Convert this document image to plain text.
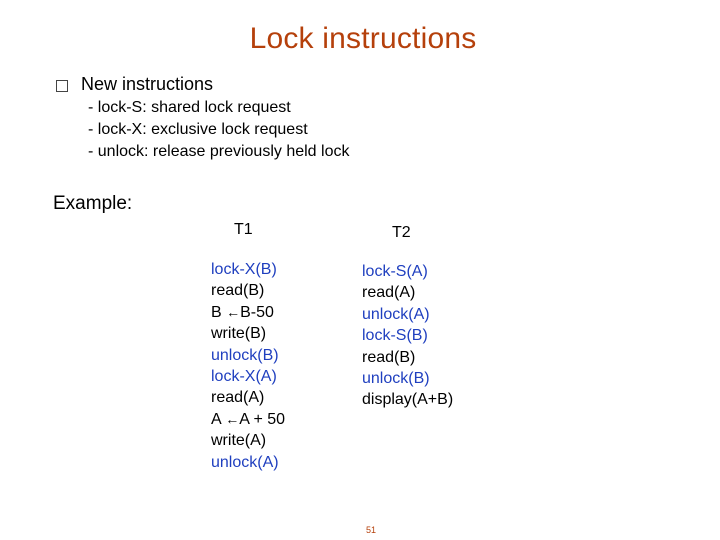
Lock instructions
New instructions
- lock-S: shared lock request
- lock-X: exclusive lock request
- unlock: release previously held lock
Example:
T1	T2
lock-X(B)
read(B)
B ←B-50
write(B)
unlock(B)
lock-X(A)
read(A)
A ←A + 50
write(A)
unlock(A)
lock-S(A)
read(A)
unlock(A)
lock-S(B)
read(B)
unlock(B)
display(A+B)
51
